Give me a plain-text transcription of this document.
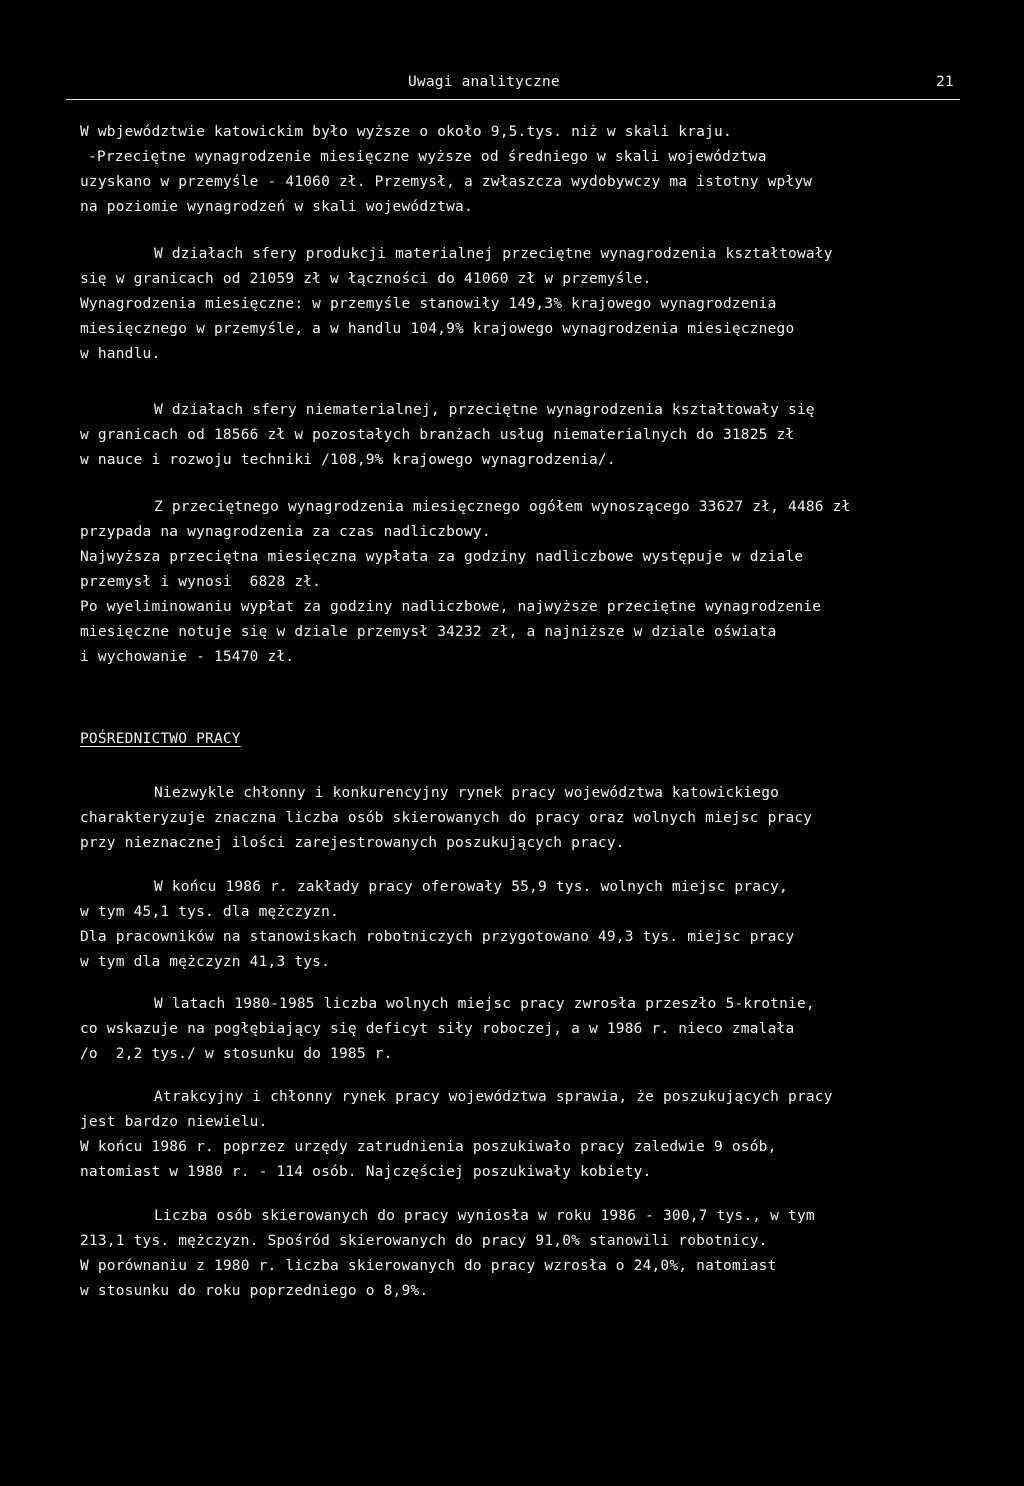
Uwagi analityczne	21
W wbjewództwie katowickim było wyższe o około 9,5.tys. niż w skali kraju.
-Przeciętne wynagrodzenie miesięczne wyższe od średniego w skali województwa
uzyskano w przemyśle - 41060 zł. Przemysł, a zwłaszcza wydobywczy ma istotny wpływ
na poziomie wynagrodzeń w skali województwa.
W działach sfery produkcji materialnej przeciętne wynagrodzenia kształtowały
się w granicach od 21059 zł w łączności do 41060 zł w przemyśle.
Wynagrodzenia miesięczne: w przemyśle stanowiły 149,3% krajowego wynagrodzenia
miesięcznego w przemyśle, a w handlu 104,9% krajowego wynagrodzenia miesięcznego
w handlu.
W działach sfery niematerialnej, przeciętne wynagrodzenia kształtowały się
w granicach od 18566 zł w pozostałych branżach usług niematerialnych do 31825 zł
w nauce i rozwoju techniki /108,9% krajowego wynagrodzenia/.
Z przeciętnego wynagrodzenia miesięcznego ogółem wynoszącego 33627 zł, 4486 zł
przypada na wynagrodzenia za czas nadliczbowy.
Najwyższa przeciętna miesięczna wypłata za godziny nadliczbowe występuje w dziale
przemysł i wynosi  6828 zł.
Po wyeliminowaniu wypłat za godziny nadliczbowe, najwyższe przeciętne wynagrodzenie
miesięczne notuje się w dziale przemysł 34232 zł, a najniższe w dziale oświata
i wychowanie - 15470 zł.
POŚREDNICTWO PRACY
Niezwykle chłonny i konkurencyjny rynek pracy województwa katowickiego
charakteryzuje znaczna liczba osób skierowanych do pracy oraz wolnych miejsc pracy
przy nieznacznej ilości zarejestrowanych poszukujących pracy.
W końcu 1986 r. zakłady pracy oferowały 55,9 tys. wolnych miejsc pracy,
w tym 45,1 tys. dla mężczyzn.
Dla pracowników na stanowiskach robotniczych przygotowano 49,3 tys. miejsc pracy
w tym dla mężczyzn 41,3 tys.
W latach 1980-1985 liczba wolnych miejsc pracy zwrosła przeszło 5-krotnie,
co wskazuje na pogłębiający się deficyt siły roboczej, a w 1986 r. nieco zmalała
/o  2,2 tys./ w stosunku do 1985 r.
Atrakcyjny i chłonny rynek pracy województwa sprawia, że poszukujących pracy
jest bardzo niewielu.
W końcu 1986 r. poprzez urzędy zatrudnienia poszukiwało pracy zaledwie 9 osób,
natomiast w 1980 r. - 114 osób. Najczęściej poszukiwały kobiety.
Liczba osób skierowanych do pracy wyniosła w roku 1986 - 300,7 tys., w tym
213,1 tys. mężczyzn. Spośród skierowanych do pracy 91,0% stanowili robotnicy.
W porównaniu z 1980 r. liczba skierowanych do pracy wzrosła o 24,0%, natomiast
w stosunku do roku poprzedniego o 8,9%.
